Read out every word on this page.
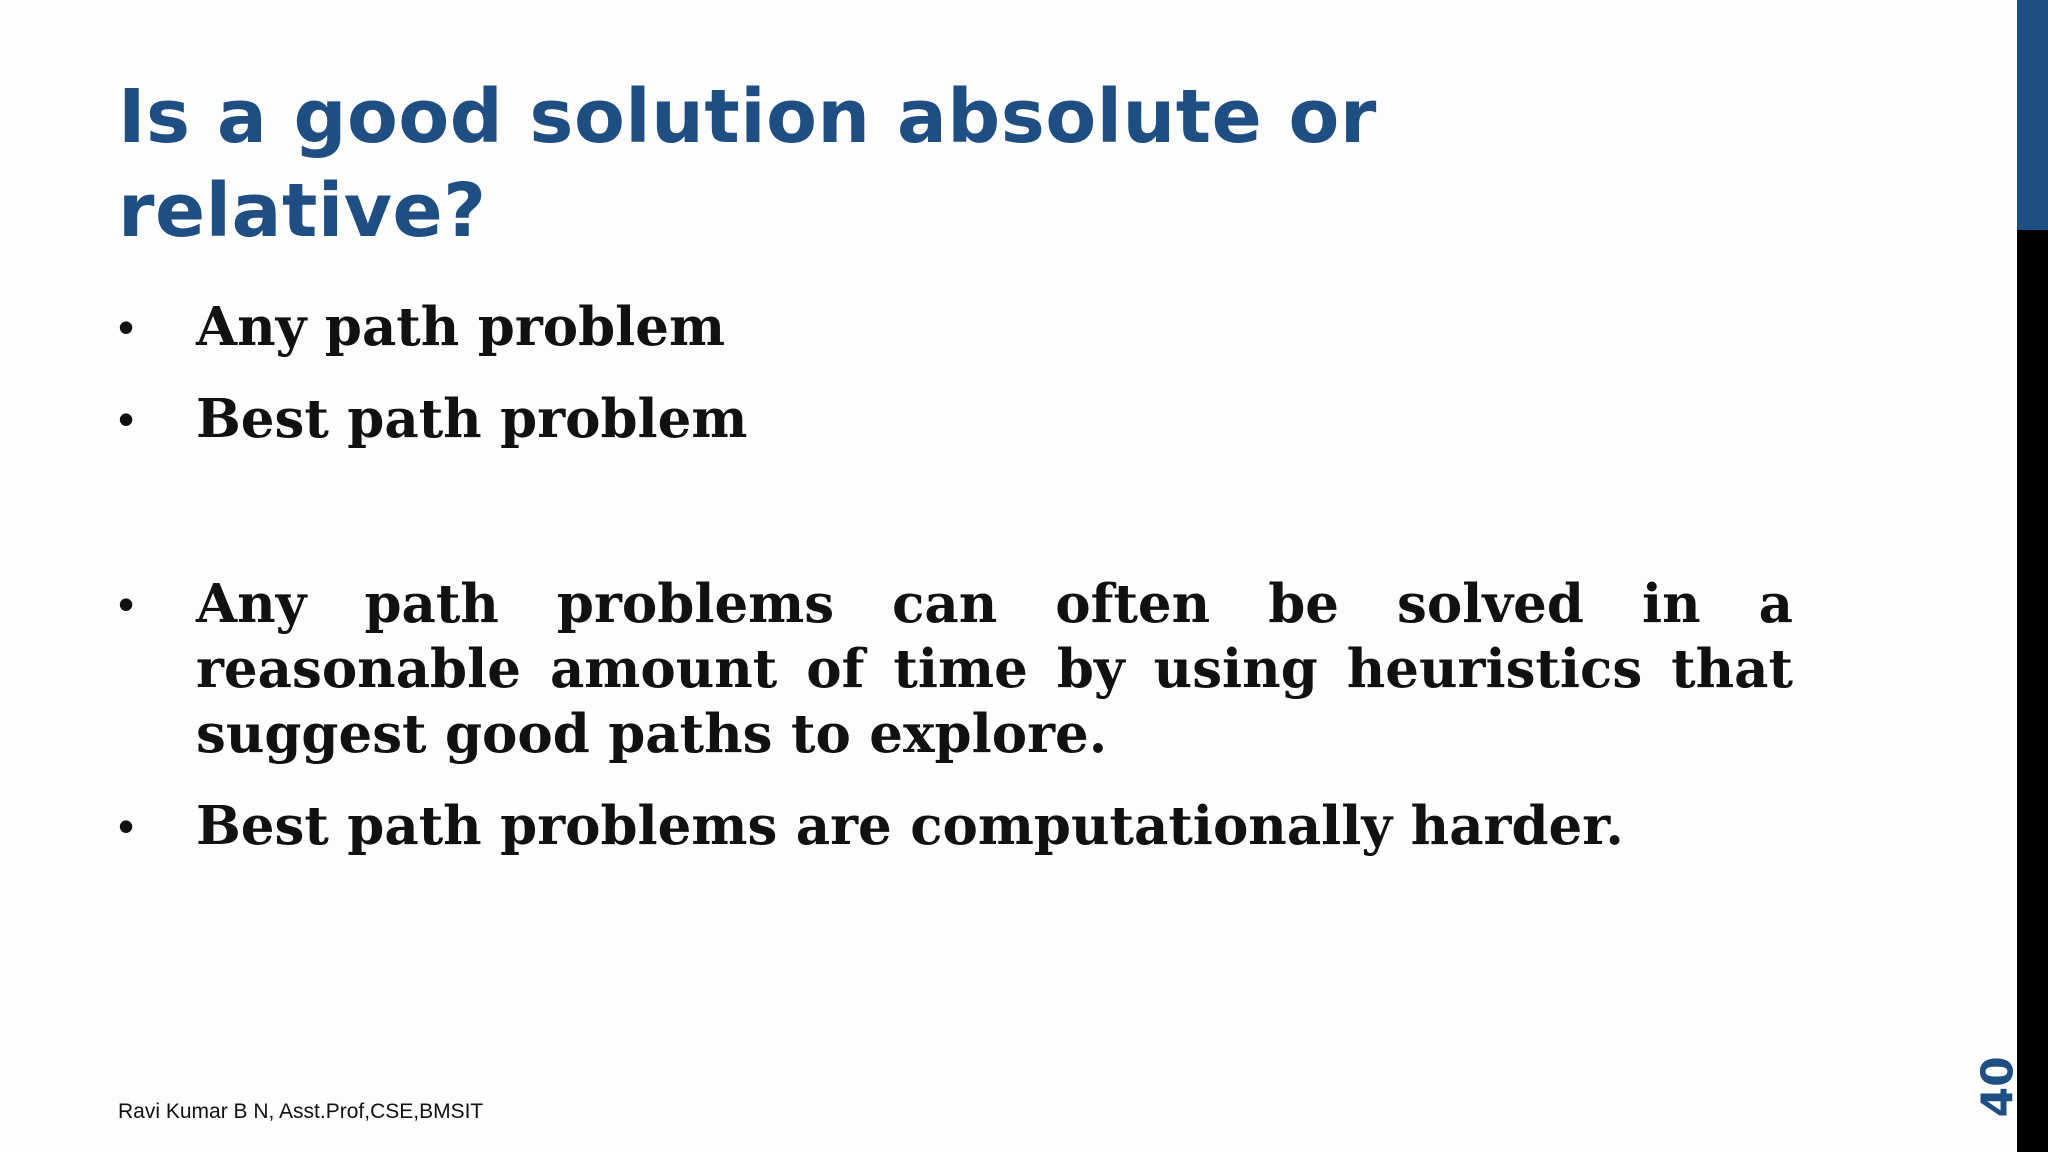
Is a good solution absolute or relative?
• Any path problem
• Best path problem
• Any path problems can often be solved in a reasonable amount of time by using heuristics that suggest good paths to explore.
• Best path problems are computationally harder.
Ravi Kumar B N, Asst.Prof,CSE,BMSIT	40
